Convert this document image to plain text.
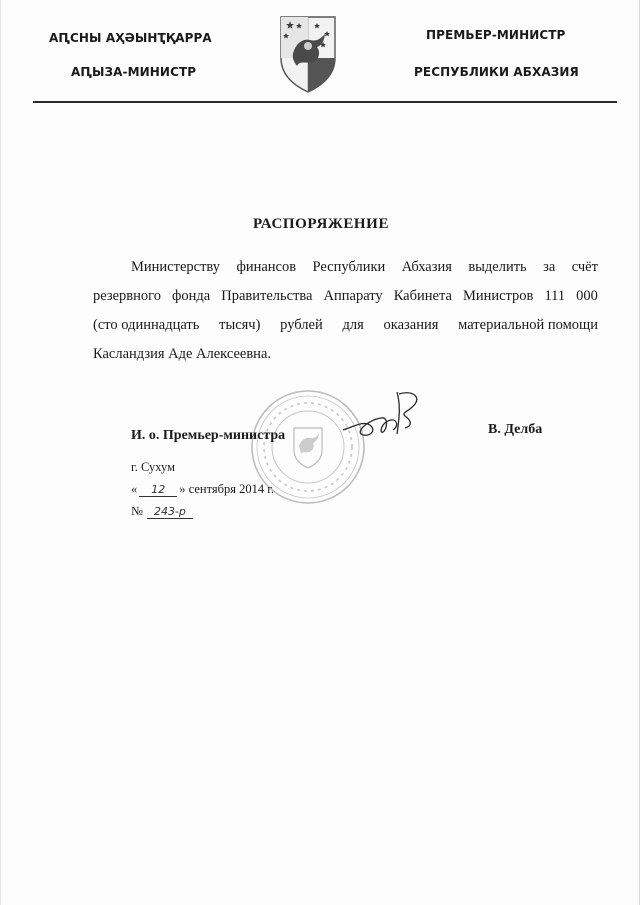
АԤСНЫ АҲӘЫНҬҚАРРА
АԤЫЗА-МИНИСТР
ПРЕМЬЕР-МИНИСТР
РЕСПУБЛИКИ АБХАЗИЯ
РАСПОРЯЖЕНИЕ
Министерству финансов Республики Абхазия выделить за счёт
резервного фонда Правительства Аппарату Кабинета Министров 111 000
(сто одиннадцать тысяч) рублей для оказания материальной помощи
Касландзия Аде Алексеевна.
И. о. Премьер-министра	В. Делба
г. Сухум
« 12 » сентября 2014 г.
№ 243-р
